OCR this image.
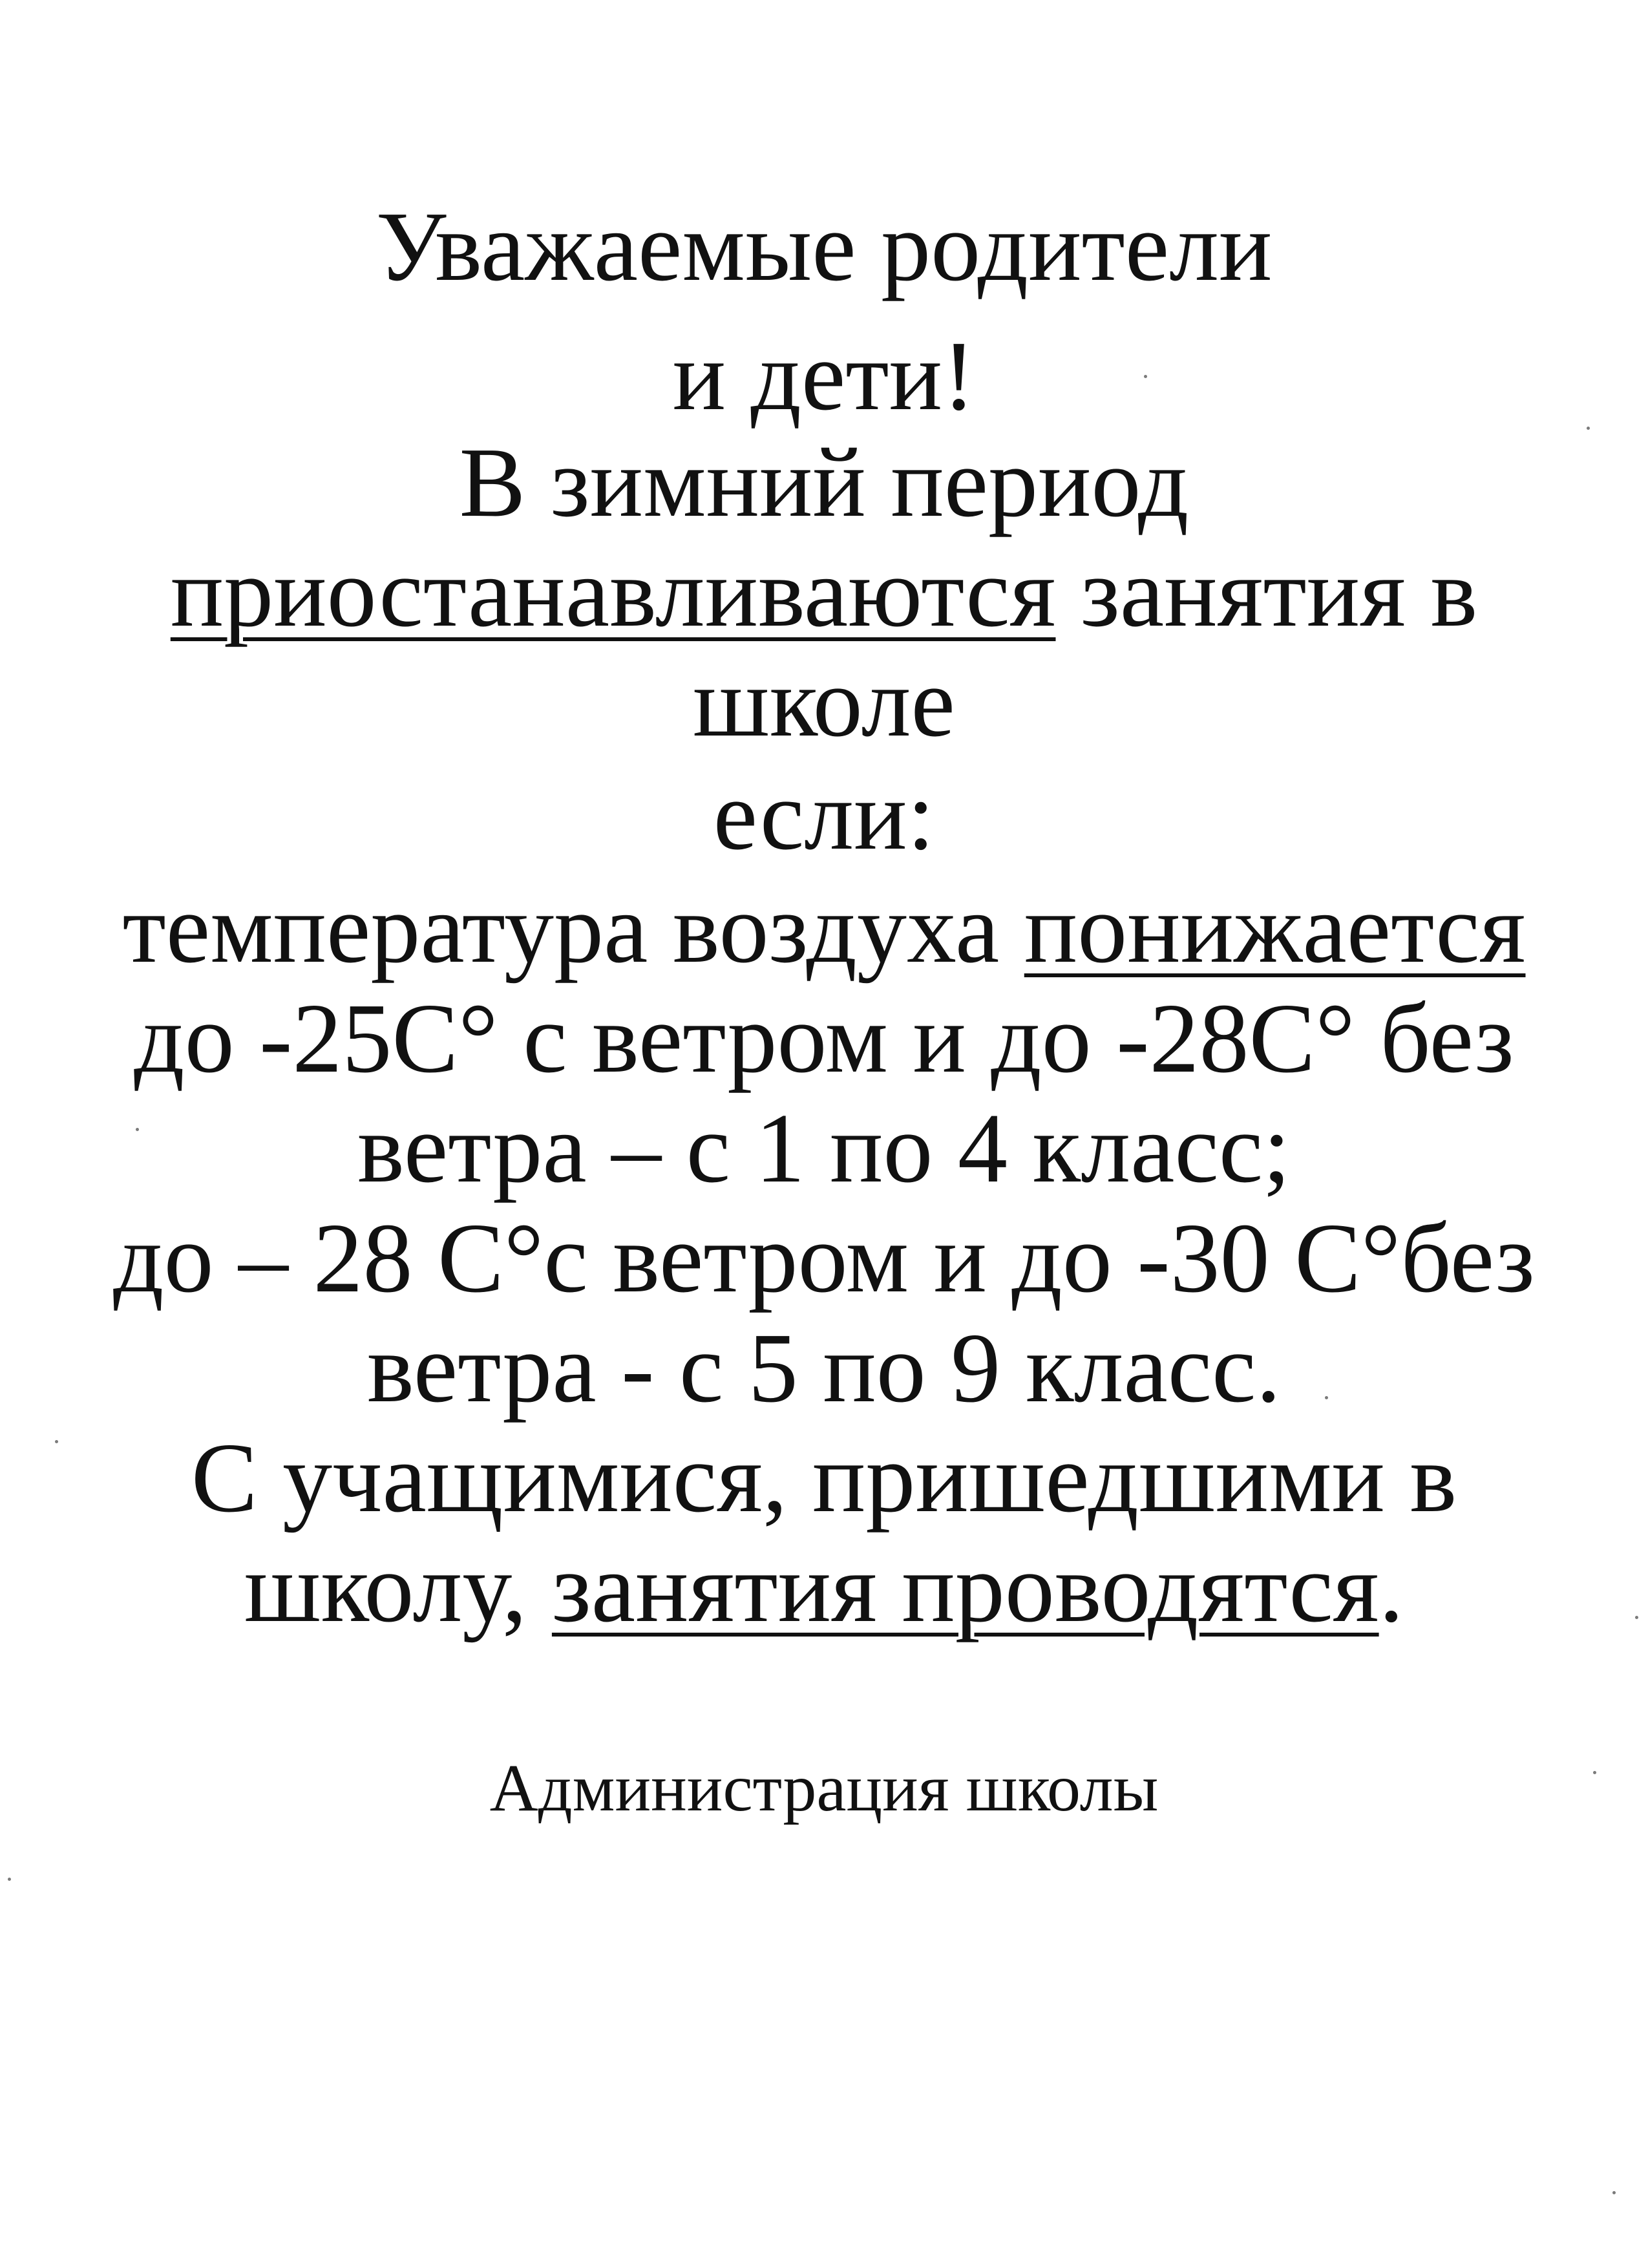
Уважаемые родители
и дети!
В зимний период
приостанавливаются занятия в
школе
если:
температура воздуха понижается
до -25С° с ветром и до -28С° без
ветра – с 1 по 4 класс;
до – 28 С°с ветром и до -30 С°без
ветра - с 5 по 9 класс.
С учащимися, пришедшими в
школу, занятия проводятся.
Администрация школы
